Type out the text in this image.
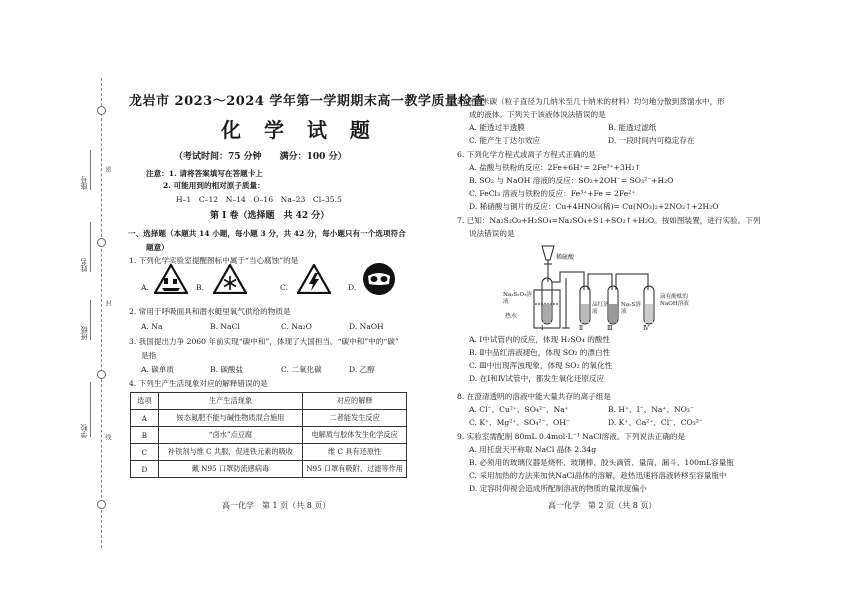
座号
姓名
班级
学校
密
封
线
龙岩市 2023～2024 学年第一学期期末高一教学质量检查
化 学 试 题
（考试时间：75 分钟　　满分：100 分）
注意：1. 请将答案填写在答题卡上
2. 可能用到的相对原子质量：
H–1　C–12　N–14　O–16　Na–23　Cl–35.5
第 Ⅰ 卷（选择题　共 42 分）
一、选择题（本题共 14 小题，每小题 3 分，共 42 分，每小题只有一个选项符合
题意）
1. 下列化学实验室提醒图标中属于“当心腐蚀”的是
A.	B.	C.	D.
2. 常用于呼吸面具和潜水艇里氧气供给的物质是
A. Na	B. NaCl	C. Na₂O	D. NaOH
3. 我国提出力争 2060 年前实现“碳中和”，体现了大国担当。“碳中和”中的“碳”
是指
A. 碳单质	B. 碳酸盐	C. 二氧化碳	D. 乙醇
4. 下列生产生活现象对应的解释错误的是
选项	生产生活现象	对应的解释
A	铵态氮肥不能与碱性物质混合施用	二者能发生反应
B	“卤水”点豆腐	电解质与胶体发生化学反应
C	补铁剂与维 C 共服，促进铁元素的吸收	维 C 具有还原性
D	戴 N95 口罩防流感病毒	N95 口罩有吸附、过滤等作用
高一化学　第 1 页（共 8 页）
5. 将纳米碳（粒子直径为几纳米至几十纳米的材料）均匀地分散到蒸馏水中，形
成的液体。下列关于该液体说法错误的是
A. 能透过半透膜	B. 能透过滤纸
C. 能产生丁达尔效应	D. 一段时间内可稳定存在
6. 下列化学方程式或离子方程式正确的是
A. 盐酸与铁粉的反应：2Fe+6H⁺= 2Fe³⁺+3H₂↑
B. SO₂ 与 NaOH 溶液的反应：SO₂+2OH⁻= SO₃²⁻+H₂O
C. FeCl₃ 溶液与铁粉的反应：Fe³⁺+Fe = 2Fe²⁺
D. 稀硝酸与铜片的反应：Cu+4HNO₃(稀)= Cu(NO₃)₂+2NO₂↑+2H₂O
7. 已知：Na₂S₂O₃+H₂SO₄=Na₂SO₄+S↓+SO₂↑+H₂O。按如图装置，进行实验。下列
说法错误的是
稀硫酸
Na₂S₂O₃溶液
热水
品红溶液
Na₂S溶液
滴有酚酞的NaOH溶液
Ⅰ	Ⅱ	Ⅲ	Ⅳ
A. Ⅰ中试管内的反应，体现 H₂SO₄ 的酸性
B. Ⅱ中品红溶液褪色，体现 SO₂ 的漂白性
C. Ⅲ中出现浑浊现象，体现 SO₂ 的氧化性
D. 在Ⅰ和Ⅳ试管中，都发生氧化还原反应
8. 在澄清透明的溶液中能大量共存的离子组是
A. Cl⁻、Cu²⁺、SO₄²⁻、Na⁺	B. H⁺、I⁻、Na⁺、NO₃⁻
C. K⁺、Mg²⁺、SO₄²⁻、OH⁻	D. K⁺、Ca²⁺、Cl⁻、CO₃²⁻
9. 实验室需配制 80mL 0.4mol·L⁻¹ NaCl溶液。下列说法正确的是
A. 用托盘天平称取 NaCl 晶体 2.34g
B. 必须用的玻璃仪器是烧杯、玻璃棒、胶头滴管、量筒、漏斗、100mL容量瓶
C. 采用加热的方法来加快NaCl晶体的溶解，趁热迅速将溶液转移至容量瓶中
D. 定容时仰视会造成所配制溶液的物质的量浓度偏小
高一化学　第 2 页（共 8 页）
